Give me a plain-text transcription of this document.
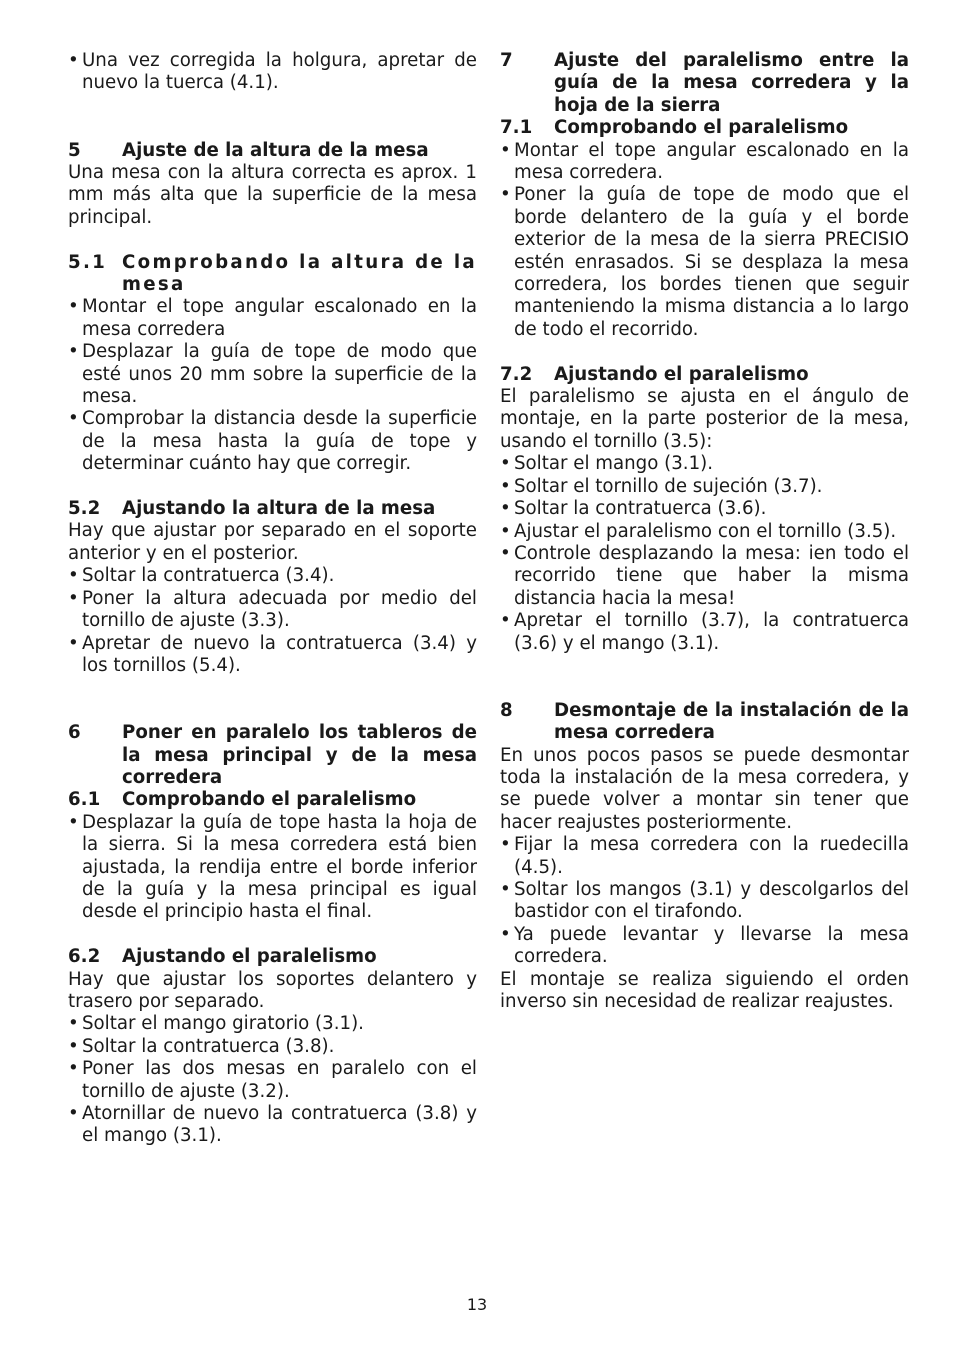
• Una vez corregida la holgura, apretar de nuevo la tuerca (4.1).
5	Ajuste de la altura de la mesa

Una mesa con la altura correcta es aprox. 1 mm más alta que la superficie de la mesa principal.

5.1 Comprobando la altura de la mesa
• Montar el tope angular escalonado en la mesa corredera
• Desplazar la guía de tope de modo que esté unos 20 mm sobre la superficie de la mesa.
• Comprobar la distancia desde la superficie de la mesa hasta la guía de tope y determinar cuánto hay que corregir.
5.2	Ajustando la altura de la mesa

Hay que ajustar por separado en el soporte anterior y en el posterior.

• Soltar la contratuerca (3.4).
• Poner la altura adecuada por medio del tornillo de ajuste (3.3).
• Apretar de nuevo la contratuerca (3.4) y los tornillos (5.4).
6	Poner en paralelo los tableros de la mesa principal y de la mesa corredera
6.1	Comprobando el paralelismo
• Desplazar la guía de tope hasta la hoja de la sierra. Si la mesa corredera está bien ajustada, la rendija entre el borde inferior de la guía y la mesa principal es igual desde el principio hasta el final.
6.2	Ajustando el paralelismo

Hay que ajustar los soportes delantero y trasero por separado.

• Soltar el mango giratorio (3.1).
• Soltar la contratuerca (3.8).
• Poner las dos mesas en paralelo con el tornillo de ajuste (3.2).
• Atornillar de nuevo la contratuerca (3.8) y el mango (3.1).
7	Ajuste del paralelismo entre la guía de la mesa corredera y la hoja de la sierra
7.1	Comprobando el paralelismo
• Montar el tope angular escalonado en la mesa corredera.
• Poner la guía de tope de modo que el borde delantero de la guía y el borde exterior de la mesa de la sierra PRECISIO estén enrasados. Si se desplaza la mesa corredera, los bordes tienen que seguir manteniendo la misma distancia a lo largo de todo el recorrido.
7.2	Ajustando el paralelismo

El paralelismo se ajusta en el ángulo de montaje, en la parte posterior de la mesa, usando el tornillo (3.5):

• Soltar el mango (3.1).
• Soltar el tornillo de sujeción (3.7).
• Soltar la contratuerca (3.6).
• Ajustar el paralelismo con el tornillo (3.5).
• Controle desplazando la mesa: ien todo el recorrido tiene que haber la misma distancia hacia la mesa!
• Apretar el tornillo (3.7), la contratuerca (3.6) y el mango (3.1).
8	Desmontaje de la instalación de la mesa corredera

En unos pocos pasos se puede desmontar toda la instalación de la mesa corredera, y se puede volver a montar sin tener que hacer reajustes posteriormente.

• Fijar la mesa corredera con la ruedecilla (4.5).
• Soltar los mangos (3.1) y descolgarlos del bastidor con el tirafondo.
• Ya puede levantar y llevarse la mesa corredera.

El montaje se realiza siguiendo el orden inverso sin necesidad de realizar reajustes.

13
